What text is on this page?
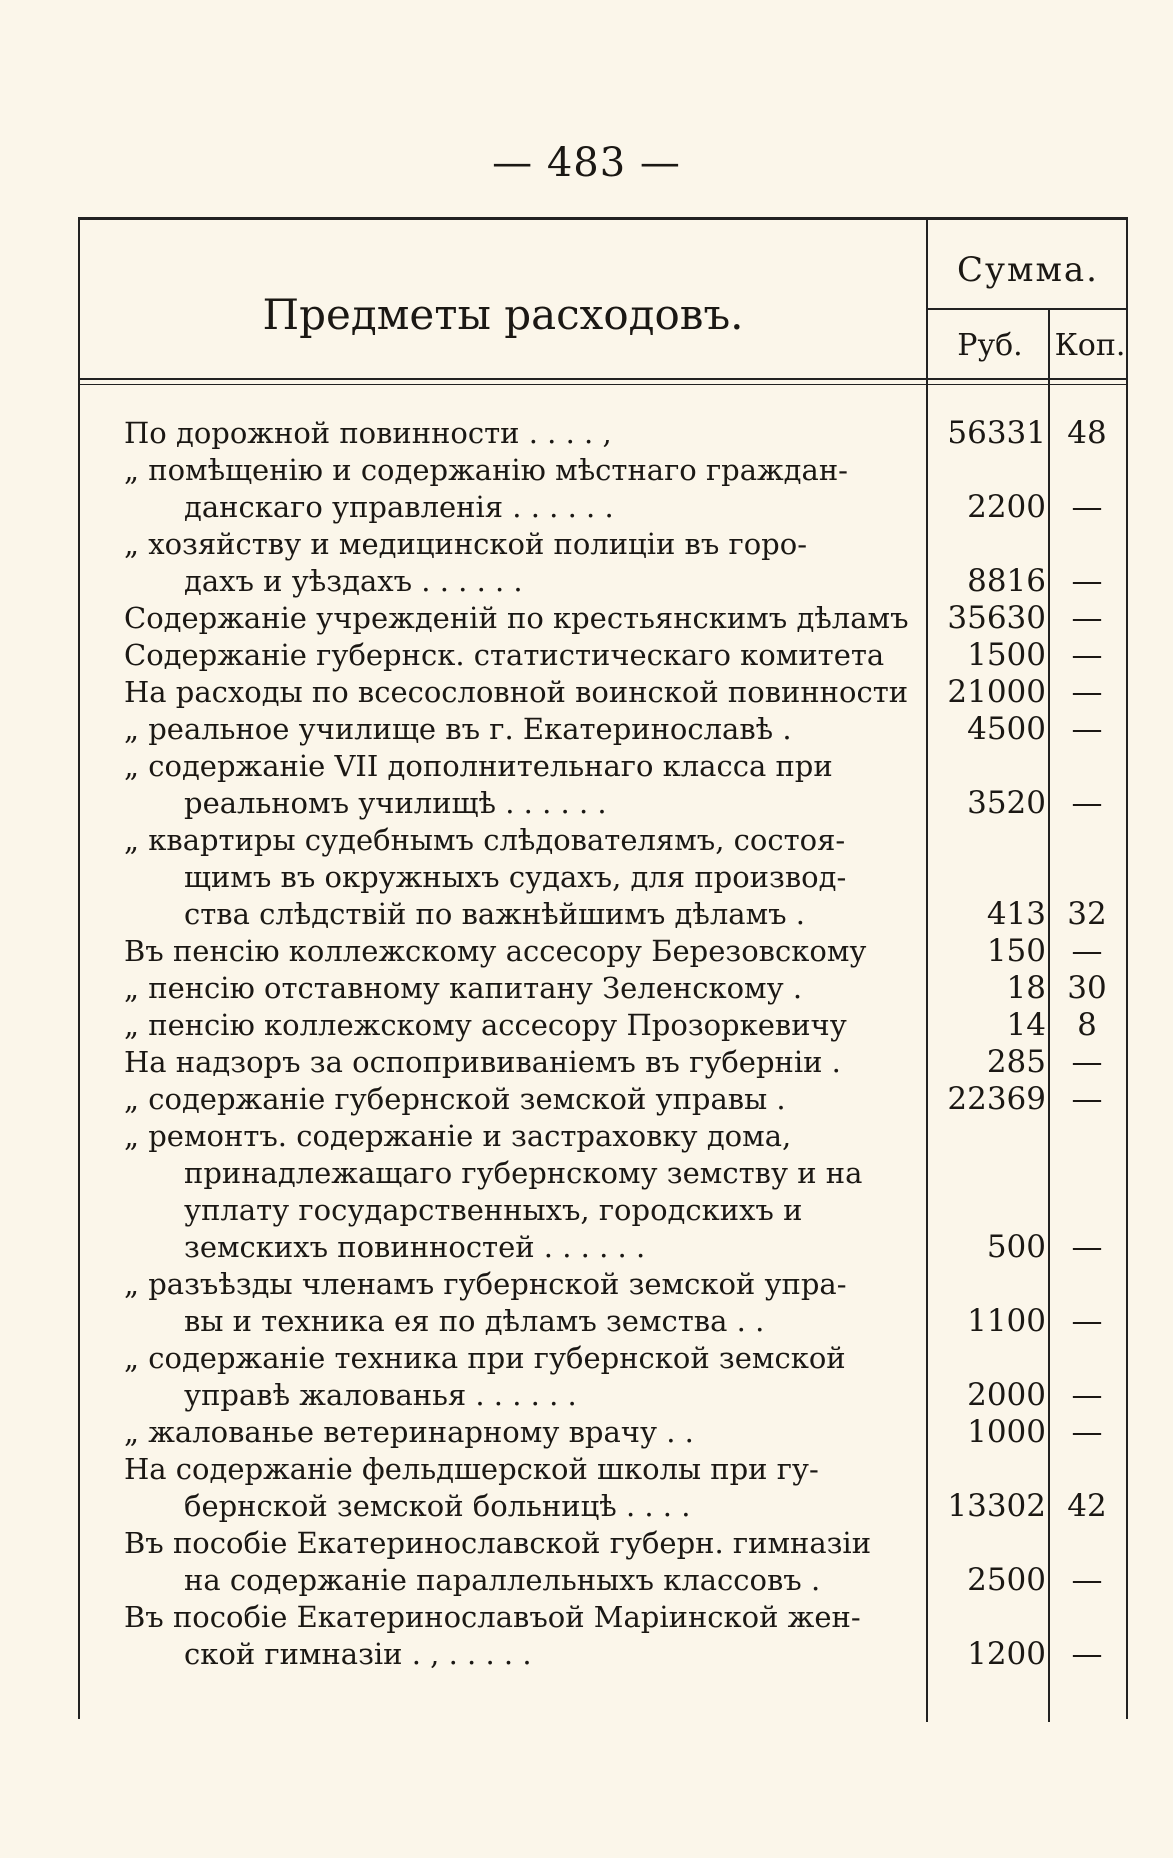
— 483 —
Предметы расходовъ.
Сумма.
Руб.	Коп.
По дорожной повинности . . . . ,	56331 48
„ помѣщенію и содержанію мѣстнаго граждан-
данскаго управленія . . . . . .	2200 —
„ хозяйству и медицинской полиціи въ горо-
дахъ и уѣздахъ . . . . . .	8816 —
Содержаніе учрежденій по крестьянскимъ дѣламъ	35630 —
Содержаніе губернск. статистическаго комитета	1500 —
На расходы по всесословной воинской повинности	21000 —
„ реальное училище въ г. Екатеринославѣ .	4500 —
„ содержаніе VII дополнительнаго класса при
реальномъ училищѣ . . . . . .	3520 —
„ квартиры судебнымъ слѣдователямъ, состоя-
щимъ въ окружныхъ судахъ, для производ-
ства слѣдствій по важнѣйшимъ дѣламъ .	413 32
Въ пенсію коллежскому ассесору Березовскому	150 —
„ пенсію отставному капитану Зеленскому .	18 30
„ пенсію коллежскому ассесору Прозоркевичу	14	8
На надзоръ за оспопрививаніемъ въ губерніи .	285 —
„ содержаніе губернской земской управы .	22369 —
„ ремонтъ. содержаніе и застраховку дома,
принадлежащаго губернскому земству и на
уплату государственныхъ, городскихъ и
земскихъ повинностей . . . . . .	500 —
„ разъѣзды членамъ губернской земской упра-
вы и техника ея по дѣламъ земства . .	1100 —
„ содержаніе техника при губернской земской
управѣ жалованья . . . . . .	2000 —
„ жалованье ветеринарному врачу . .	1000 —
На содержаніе фельдшерской школы при гу-
бернской земской больницѣ . . . .	13302 42
Въ пособіе Екатеринославской губерн. гимназіи
на содержаніе параллельныхъ классовъ .	2500 —
Въ пособіе Екатеринославъой Маріинской жен-
ской гимназіи . , . . . . .	1200 —
